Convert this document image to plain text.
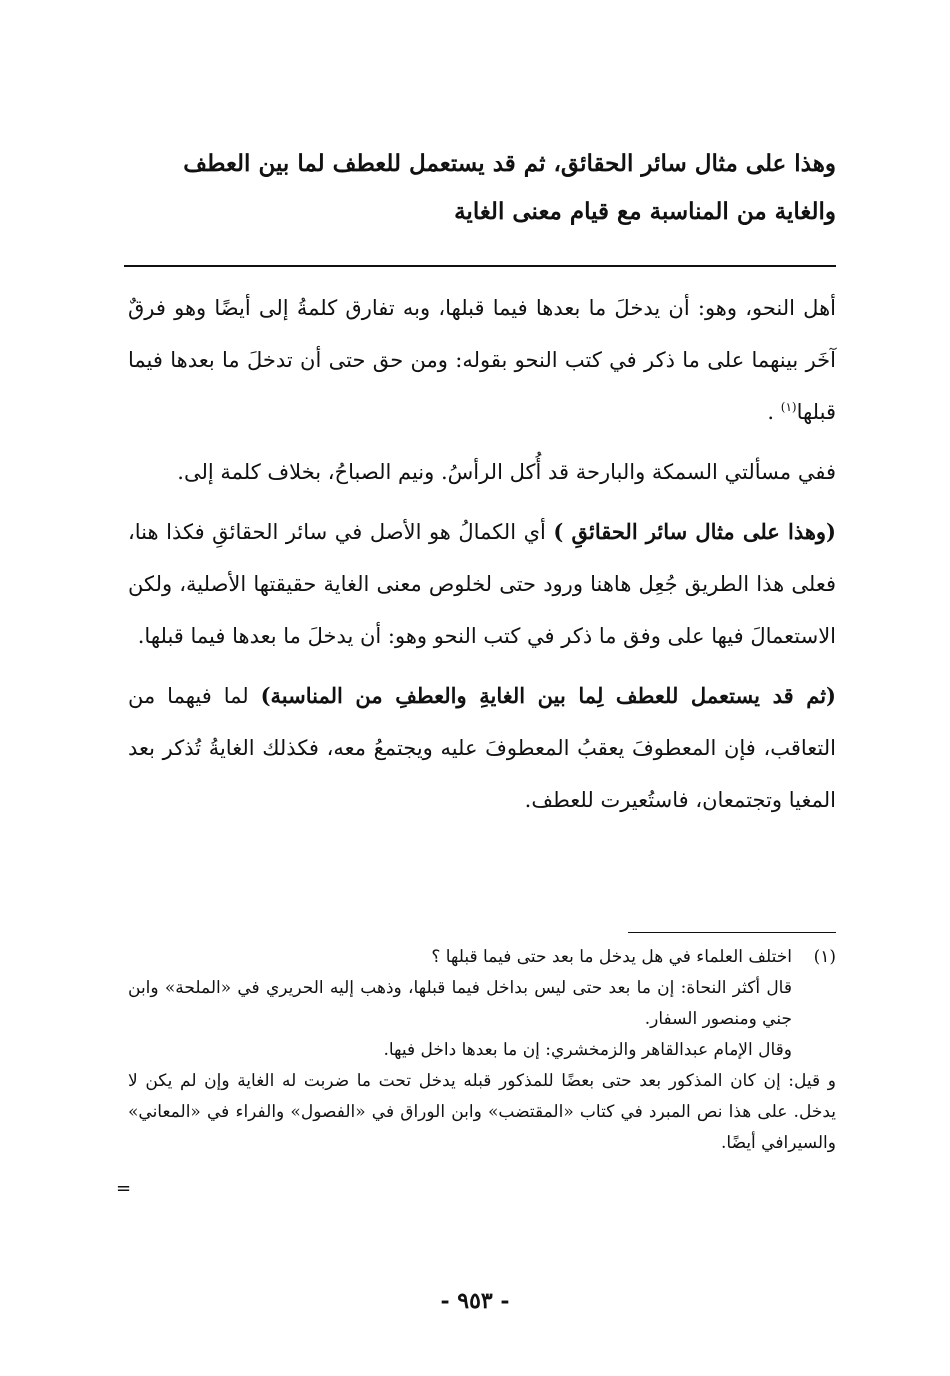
وهذا على مثال سائر الحقائق، ثم قد يستعمل للعطف لما بين العطف

والغاية من المناسبة مع قيام معنى الغاية

أهل النحو، وهو: أن يدخلَ ما بعدها فيما قبلها، وبه تفارق كلمةُ إلى أيضًا وهو فرقٌ آخَر بينهما على ما ذكر في كتب النحو بقوله: ومن حق حتى أن تدخلَ ما بعدها فيما قبلها$^{(١)}$ .

ففي مسألتي السمكة والبارحة قد أُكل الرأسُ. ونيم الصباحُ، بخلاف كلمة إلى.

(وهذا على مثال سائر الحقائقِ ) أي الكمالُ هو الأصل في سائر الحقائقِ فكذا هنا، فعلى هذا الطريق جُعِل هاهنا ورود حتى لخلوص معنى الغاية حقيقتها الأصلية، ولكن الاستعمالَ فيها على وفق ما ذكر في كتب النحو وهو: أن يدخلَ ما بعدها فيما قبلها.

(ثم قد يستعمل للعطف لِما بين الغايةِ والعطفِ من المناسبة) لما فيهما من التعاقب، فإن المعطوفَ يعقبُ المعطوفَ عليه ويجتمعُ معه، فكذلك الغايةُ تُذكر بعد المغيا وتجتمعان، فاستُعيرت للعطف.

(١)اختلف العلماء في هل يدخل ما بعد حتى فيما قبلها ؟

قال أكثر النحاة: إن ما بعد حتى ليس بداخل فيما قبلها، وذهب إليه الحريري في «الملحة» وابن جني ومنصور السفار.

وقال الإمام عبدالقاهر والزمخشري: إن ما بعدها داخل فيها.

و قيل: إن كان المذكور بعد حتى بعضًا للمذكور قبله يدخل تحت ما ضربت له الغاية وإن لم يكن لا يدخل. على هذا نص المبرد في كتاب «المقتضب» وابن الوراق في «الفصول» والفراء في «المعاني» والسيرافي أيضًا.

=
- ٩٥٣ -
